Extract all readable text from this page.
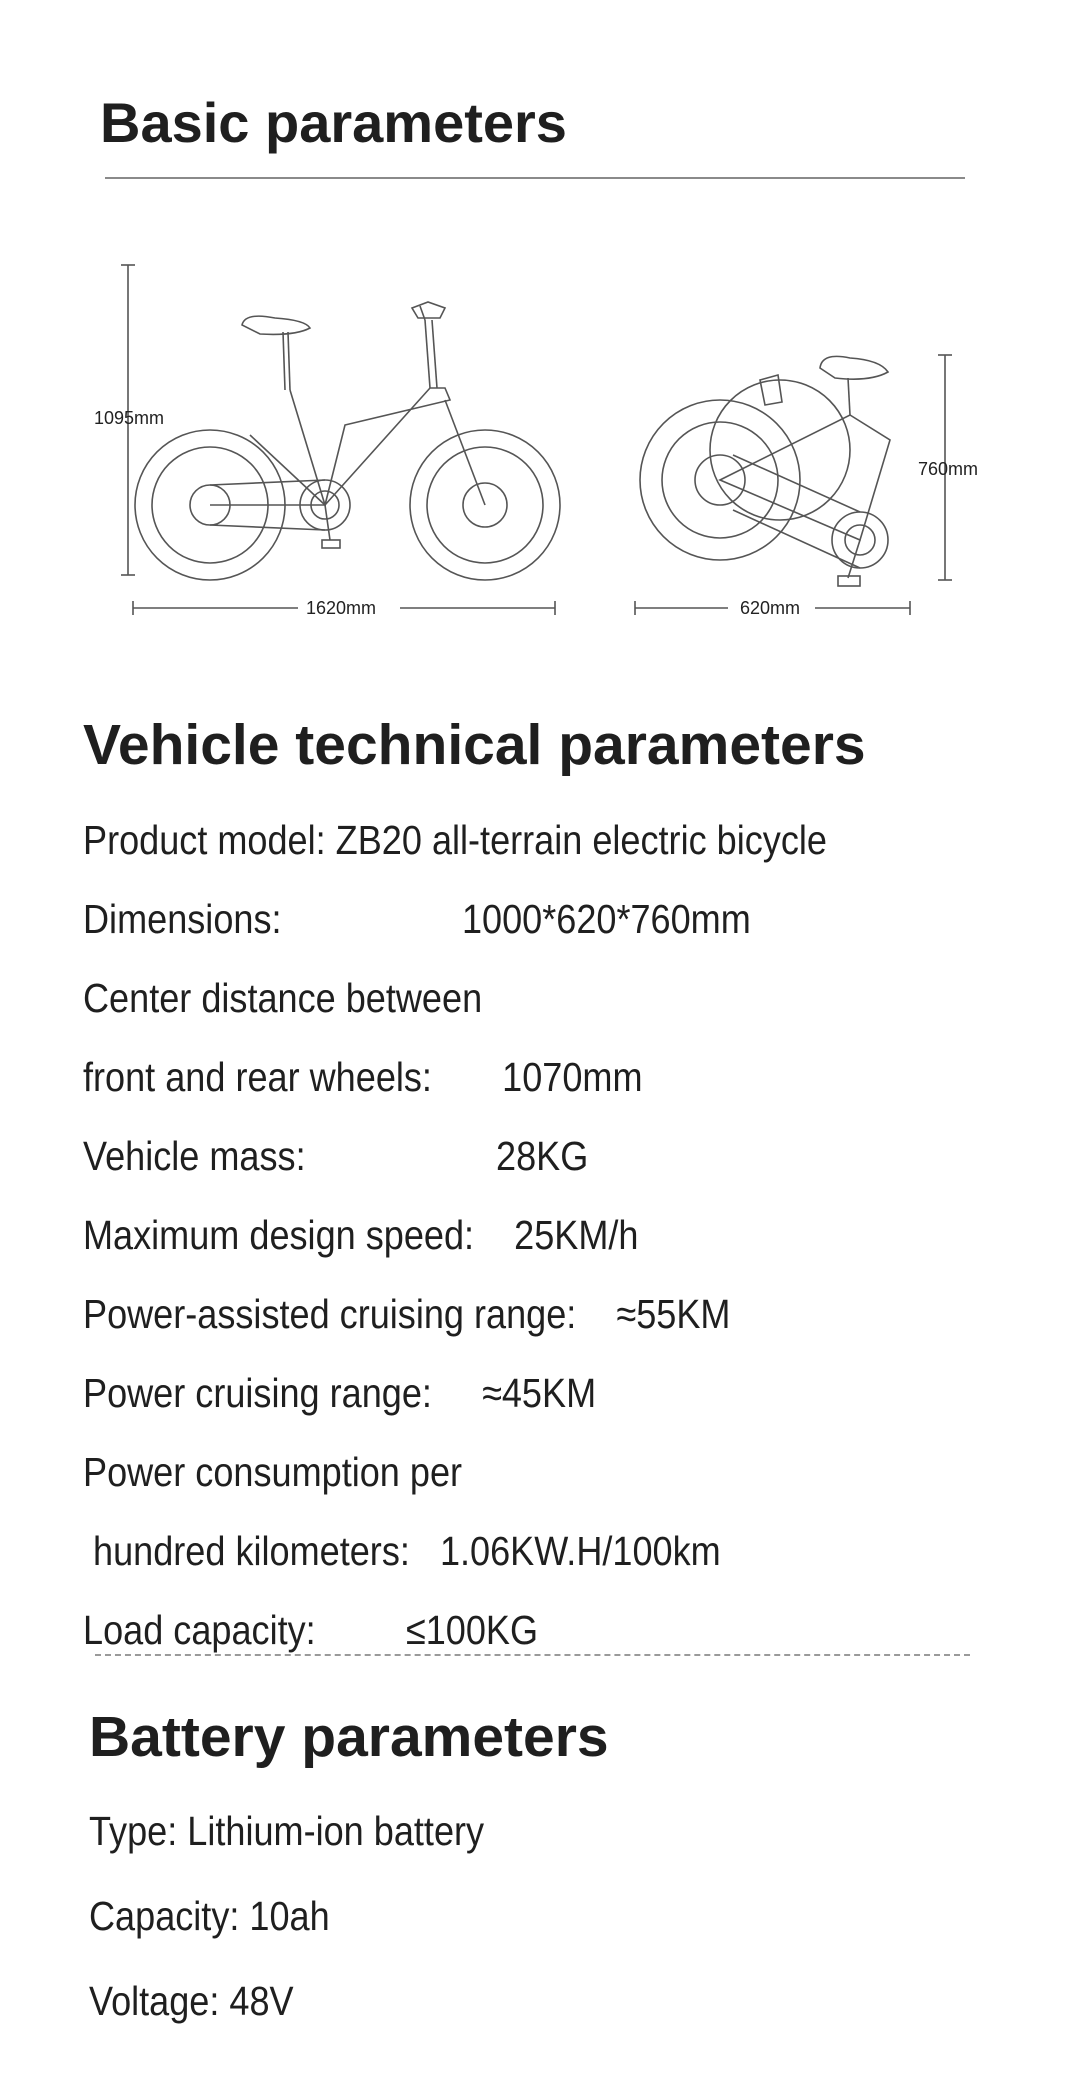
Basic parameters
1095mm
1620mm
760mm
620mm
Vehicle technical parameters
Product model: ZB20 all-terrain electric bicycle
Dimensions:                  1000*620*760mm
Center distance between
front and rear wheels:       1070mm
Vehicle mass:                   28KG
Maximum design speed:    25KM/h
Power-assisted cruising range:    ≈55KM
Power cruising range:     ≈45KM
Power consumption per
hundred kilometers:   1.06KW.H/100km
Load capacity:         ≤100KG
Battery parameters
Type: Lithium-ion battery
Capacity: 10ah
Voltage: 48V
